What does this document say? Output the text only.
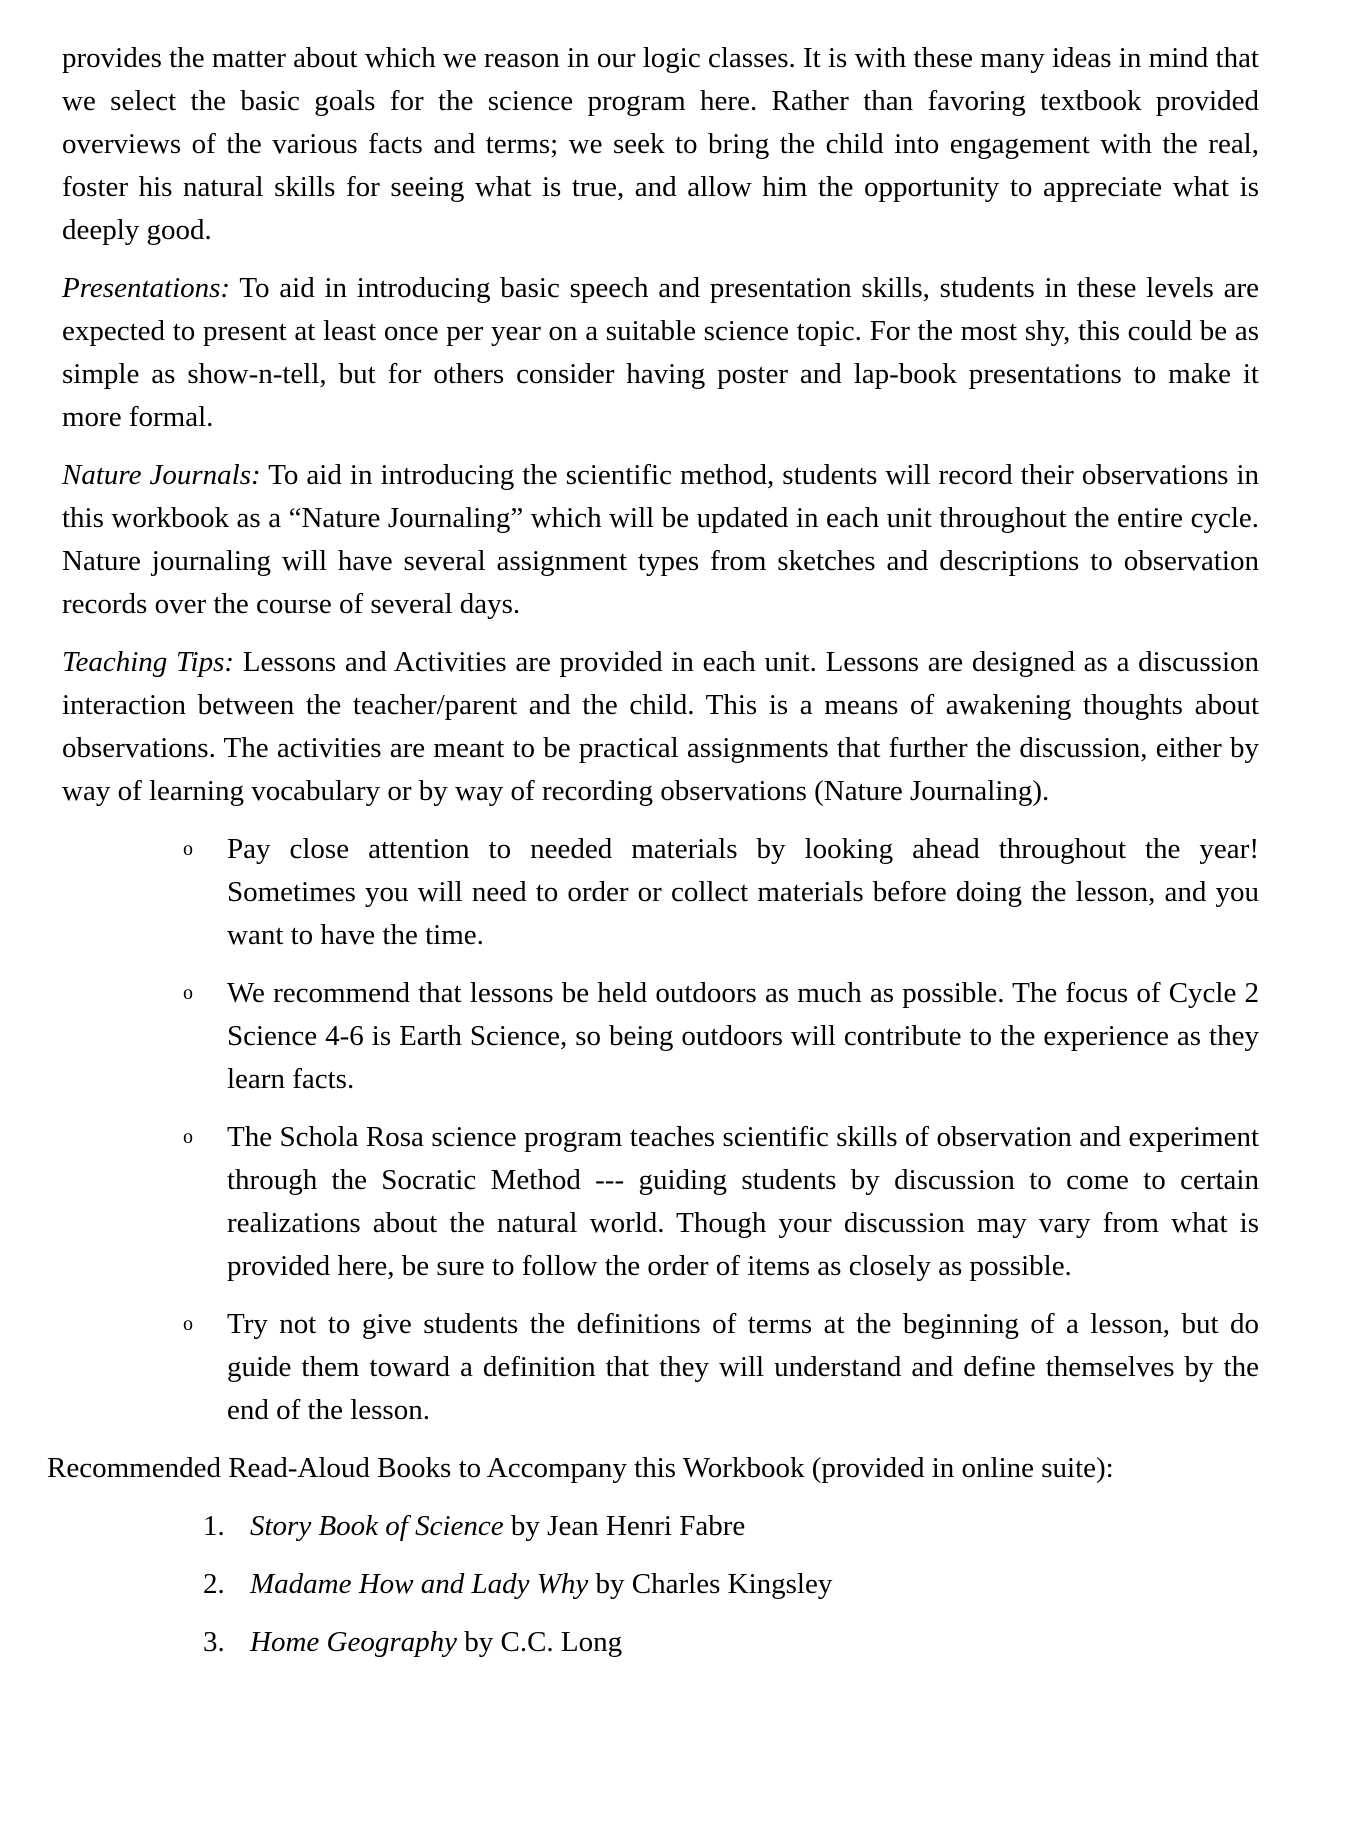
provides the matter about which we reason in our logic classes. It is with these many ideas in mind that we select the basic goals for the science program here. Rather than favoring textbook provided overviews of the various facts and terms; we seek to bring the child into engagement with the real, foster his natural skills for seeing what is true, and allow him the opportunity to appreciate what is deeply good.

Presentations: To aid in introducing basic speech and presentation skills, students in these levels are expected to present at least once per year on a suitable science topic. For the most shy, this could be as simple as show-n-tell, but for others consider having poster and lap-book presentations to make it more formal.

Nature Journals: To aid in introducing the scientific method, students will record their observations in this workbook as a “Nature Journaling” which will be updated in each unit throughout the entire cycle. Nature journaling will have several assignment types from sketches and descriptions to observation records over the course of several days.

Teaching Tips: Lessons and Activities are provided in each unit. Lessons are designed as a discussion interaction between the teacher/parent and the child. This is a means of awakening thoughts about observations. The activities are meant to be practical assignments that further the discussion, either by way of learning vocabulary or by way of recording observations (Nature Journaling).

o Pay close attention to needed materials by looking ahead throughout the year! Sometimes you will need to order or collect materials before doing the lesson, and you want to have the time.
o We recommend that lessons be held outdoors as much as possible. The focus of Cycle 2 Science 4-6 is Earth Science, so being outdoors will contribute to the experience as they learn facts.
o The Schola Rosa science program teaches scientific skills of observation and experiment through the Socratic Method --- guiding students by discussion to come to certain realizations about the natural world. Though your discussion may vary from what is provided here, be sure to follow the order of items as closely as possible.
o Try not to give students the definitions of terms at the beginning of a lesson, but do guide them toward a definition that they will understand and define themselves by the end of the lesson.

Recommended Read-Aloud Books to Accompany this Workbook (provided in online suite):

1. Story Book of Science by Jean Henri Fabre
2. Madame How and Lady Why by Charles Kingsley
3. Home Geography by C.C. Long
